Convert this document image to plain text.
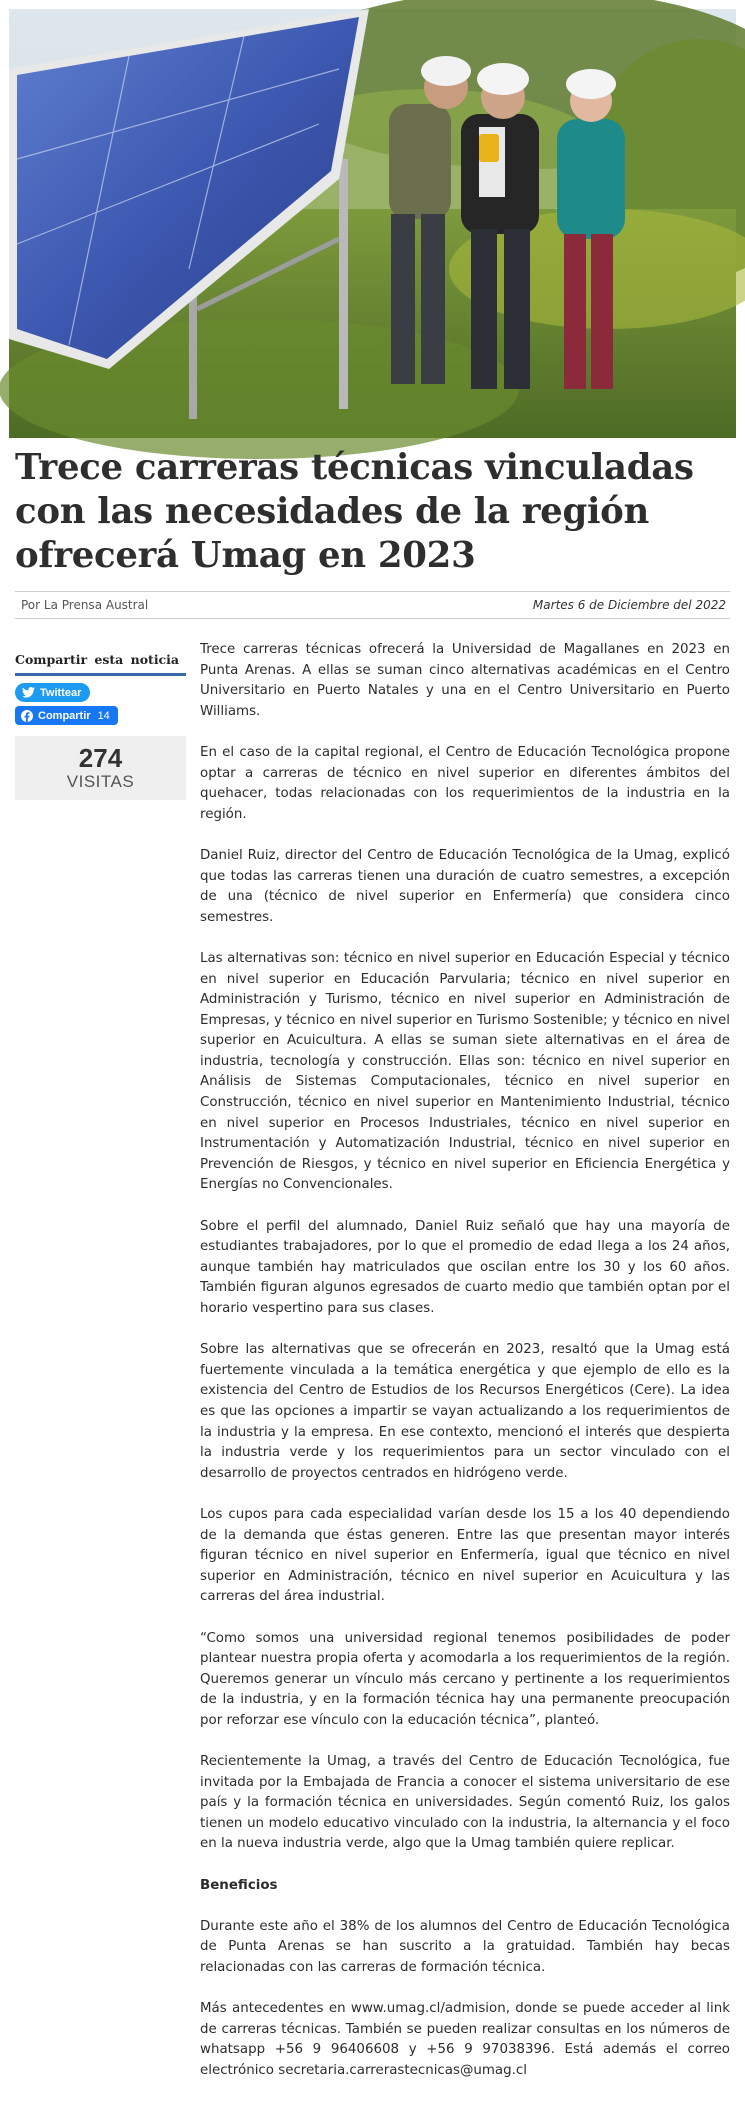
Trece carreras técnicas vinculadas con las necesidades de la región ofrecerá Umag en 2023
Por La Prensa Austral	Martes 6 de Diciembre del 2022
Compartir esta noticia
Twittear
Compartir 14
274
VISITAS

Trece carreras técnicas ofrecerá la Universidad de Magallanes en 2023 en Punta Arenas. A ellas se suman cinco alternativas académicas en el Centro Universitario en Puerto Natales y una en el Centro Universitario en Puerto Williams.

En el caso de la capital regional, el Centro de Educación Tecnológica propone optar a carreras de técnico en nivel superior en diferentes ámbitos del quehacer, todas relacionadas con los requerimientos de la industria en la región.

Daniel Ruiz, director del Centro de Educación Tecnológica de la Umag, explicó que todas las carreras tienen una duración de cuatro semestres, a excepción de una (técnico de nivel superior en Enfermería) que considera cinco semestres.

Las alternativas son: técnico en nivel superior en Educación Especial y técnico en nivel superior en Educación Parvularia; técnico en nivel superior en Administración y Turismo, técnico en nivel superior en Administración de Empresas, y técnico en nivel superior en Turismo Sostenible; y técnico en nivel superior en Acuicultura. A ellas se suman siete alternativas en el área de industria, tecnología y construcción. Ellas son: técnico en nivel superior en Análisis de Sistemas Computacionales, técnico en nivel superior en Construcción, técnico en nivel superior en Mantenimiento Industrial, técnico en nivel superior en Procesos Industriales, técnico en nivel superior en Instrumentación y Automatización Industrial, técnico en nivel superior en Prevención de Riesgos, y técnico en nivel superior en Eficiencia Energética y Energías no Convencionales.

Sobre el perfil del alumnado, Daniel Ruiz señaló que hay una mayoría de estudiantes trabajadores, por lo que el promedio de edad llega a los 24 años, aunque también hay matriculados que oscilan entre los 30 y los 60 años. También figuran algunos egresados de cuarto medio que también optan por el horario vespertino para sus clases.

Sobre las alternativas que se ofrecerán en 2023, resaltó que la Umag está fuertemente vinculada a la temática energética y que ejemplo de ello es la existencia del Centro de Estudios de los Recursos Energéticos (Cere). La idea es que las opciones a impartir se vayan actualizando a los requerimientos de la industria y la empresa. En ese contexto, mencionó el interés que despierta la industria verde y los requerimientos para un sector vinculado con el desarrollo de proyectos centrados en hidrógeno verde.

Los cupos para cada especialidad varían desde los 15 a los 40 dependiendo de la demanda que éstas generen. Entre las que presentan mayor interés figuran técnico en nivel superior en Enfermería, igual que técnico en nivel superior en Administración, técnico en nivel superior en Acuicultura y las carreras del área industrial.

“Como somos una universidad regional tenemos posibilidades de poder plantear nuestra propia oferta y acomodarla a los requerimientos de la región. Queremos generar un vínculo más cercano y pertinente a los requerimientos de la industria, y en la formación técnica hay una permanente preocupación por reforzar ese vínculo con la educación técnica”, planteó.

Recientemente la Umag, a través del Centro de Educación Tecnológica, fue invitada por la Embajada de Francia a conocer el sistema universitario de ese país y la formación técnica en universidades. Según comentó Ruiz, los galos tienen un modelo educativo vinculado con la industria, la alternancia y el foco en la nueva industria verde, algo que la Umag también quiere replicar.

Beneficios

Durante este año el 38% de los alumnos del Centro de Educación Tecnológica de Punta Arenas se han suscrito a la gratuidad. También hay becas relacionadas con las carreras de formación técnica.

Más antecedentes en www.umag.cl/admision, donde se puede acceder al link de carreras técnicas. También se pueden realizar consultas en los números de whatsapp +56 9 96406608 y +56 9 97038396. Está además el correo electrónico secretaria.carrerastecnicas@umag.cl
